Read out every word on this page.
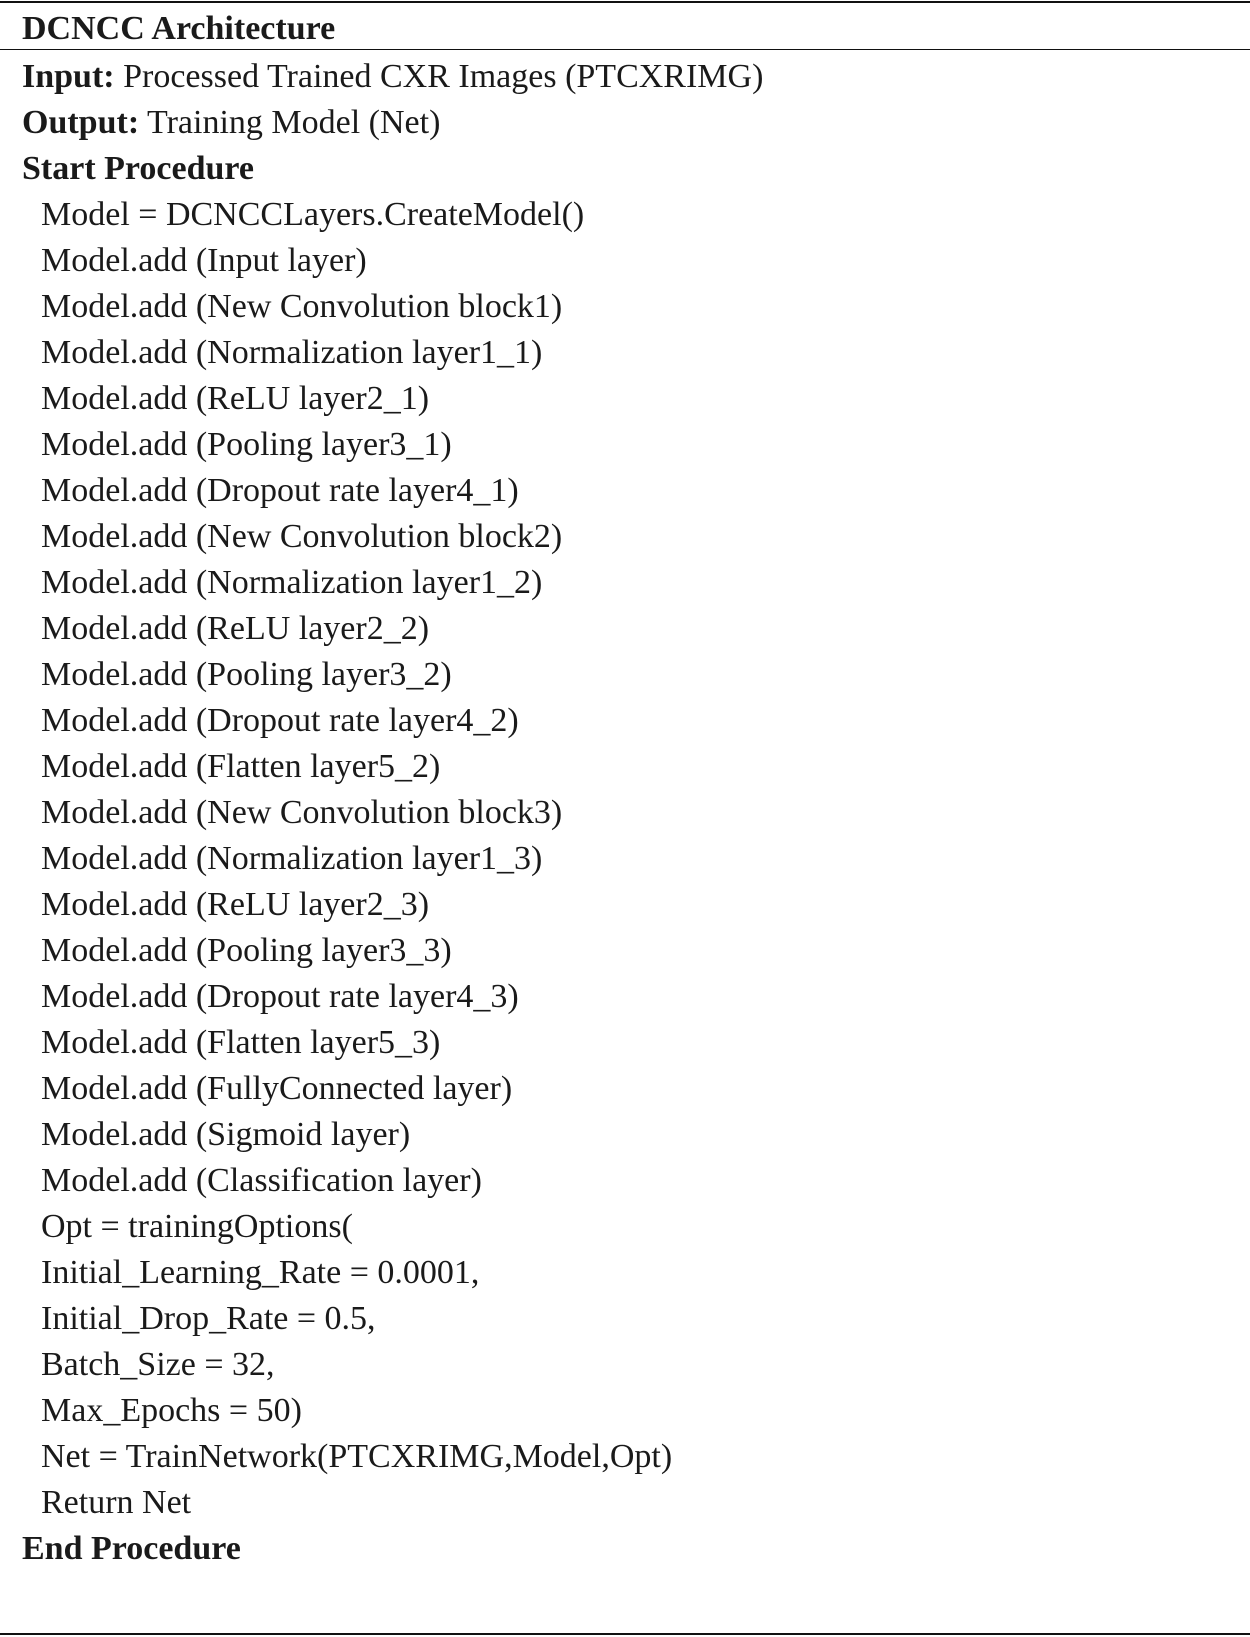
DCNCC Architecture
Input: Processed Trained CXR Images (PTCXRIMG)
Output: Training Model (Net)
Start Procedure
Model = DCNCCLayers.CreateModel()
Model.add (Input layer)
Model.add (New Convolution block1)
Model.add (Normalization layer1_1)
Model.add (ReLU layer2_1)
Model.add (Pooling layer3_1)
Model.add (Dropout rate layer4_1)
Model.add (New Convolution block2)
Model.add (Normalization layer1_2)
Model.add (ReLU layer2_2)
Model.add (Pooling layer3_2)
Model.add (Dropout rate layer4_2)
Model.add (Flatten layer5_2)
Model.add (New Convolution block3)
Model.add (Normalization layer1_3)
Model.add (ReLU layer2_3)
Model.add (Pooling layer3_3)
Model.add (Dropout rate layer4_3)
Model.add (Flatten layer5_3)
Model.add (FullyConnected layer)
Model.add (Sigmoid layer)
Model.add (Classification layer)
Opt = trainingOptions(
Initial_Learning_Rate = 0.0001,
Initial_Drop_Rate = 0.5,
Batch_Size = 32,
Max_Epochs = 50)
Net = TrainNetwork(PTCXRIMG,Model,Opt)
Return Net
End Procedure
